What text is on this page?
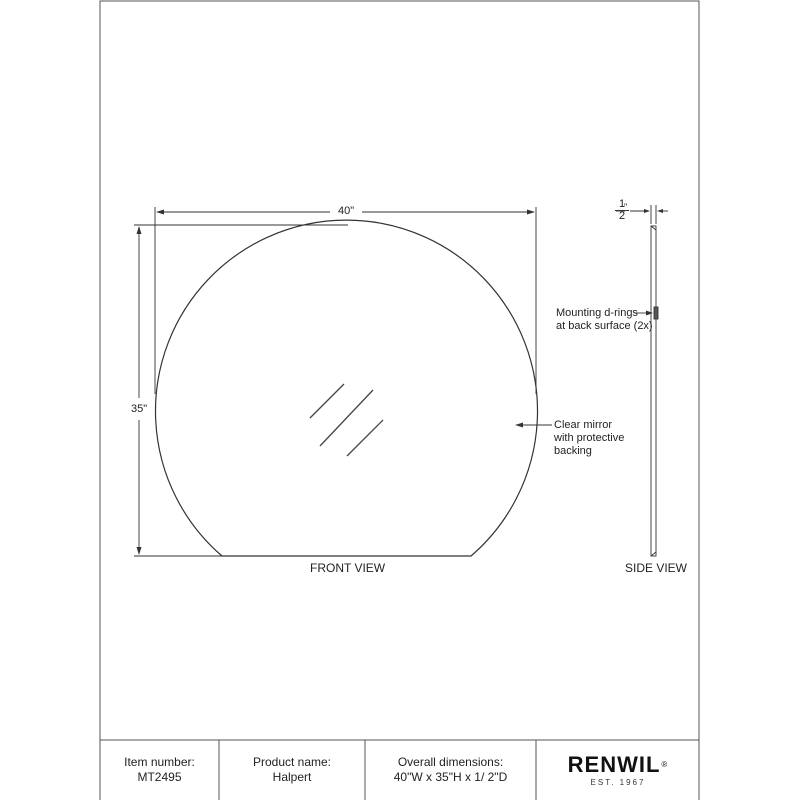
40"
35"
$\frac{1}{2}$
"
Clear mirror
with protective
backing
Mounting d-rings
at back surface (2x)
FRONT VIEW	SIDE VIEW
Item number:
MT2495
Product name:
Halpert
Overall dimensions:
40"W x 35"H x 1/ 2"D	RENWIL®
EST. 1967
